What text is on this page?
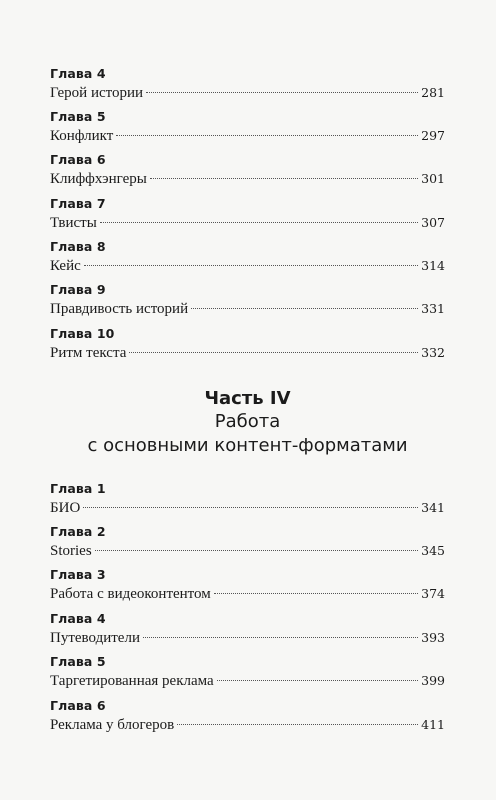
Глава 4
Герой истории	281
Глава 5
Конфликт	297
Глава 6
Клиффхэнгеры	301
Глава 7
Твисты	307
Глава 8
Кейс	314
Глава 9
Правдивость историй	331
Глава 10
Ритм текста	332
Часть IV
Работа
с основными контент-форматами
Глава 1
БИО	341
Глава 2
Stories	345
Глава 3
Работа с видеоконтентом	374
Глава 4
Путеводители	393
Глава 5
Таргетированная реклама	399
Глава 6
Реклама у блогеров	411
